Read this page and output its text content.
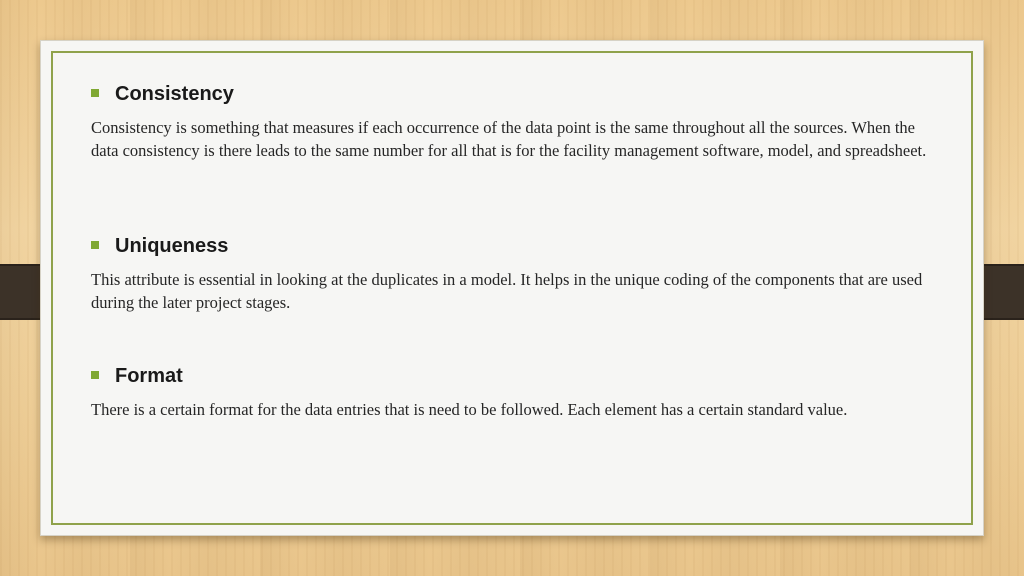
Consistency
Consistency is something that measures if each occurrence of the data point is the same throughout all the sources. When the data consistency is there leads to the same number for all that is for the facility management software, model, and spreadsheet.
Uniqueness
This attribute is essential in looking at the duplicates in a model. It helps in the unique coding of the components that are used during the later project stages.
Format
There is a certain format for the data entries that is need to be followed. Each element has a certain standard value.
